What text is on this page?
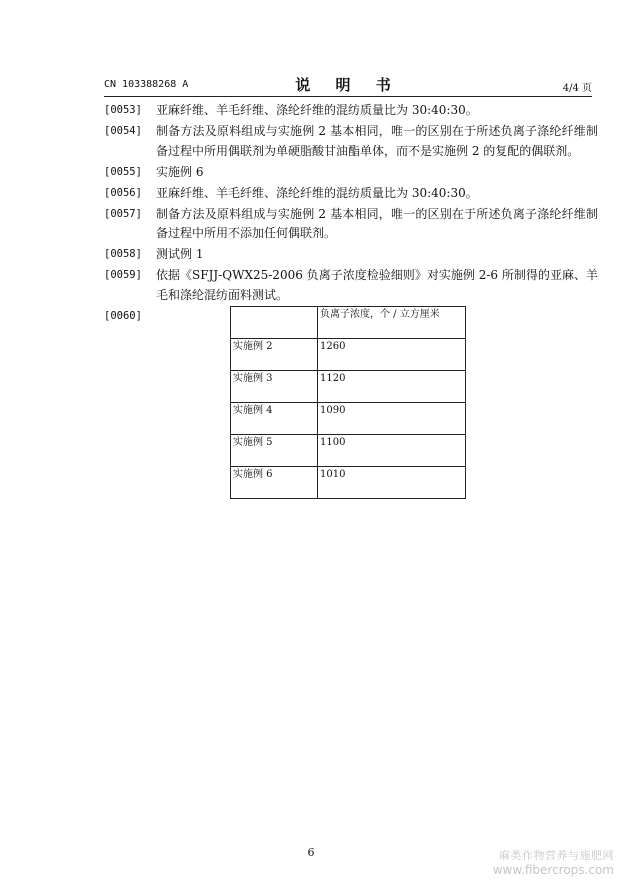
CN 103388268 A	说 明 书	4/4 页
[0053]	亚麻纤维、羊毛纤维、涤纶纤维的混纺质量比为 30:40:30。
[0054]	制备方法及原料组成与实施例 2 基本相同，唯一的区别在于所述负离子涤纶纤维制备过程中所用偶联剂为单硬脂酸甘油酯单体，而不是实施例 2 的复配的偶联剂。
[0055]	实施例 6
[0056]	亚麻纤维、羊毛纤维、涤纶纤维的混纺质量比为 30:40:30。
[0057]	制备方法及原料组成与实施例 2 基本相同，唯一的区别在于所述负离子涤纶纤维制备过程中所用不添加任何偶联剂。
[0058]	测试例 1
[0059]	依据《SFJJ-QWX25-2006 负离子浓度检验细则》对实施例 2-6 所制得的亚麻、羊毛和涤纶混纺面料测试。
[0060]
		负离子浓度，个 / 立方厘米
实施例 2	1260
实施例 3	1120
实施例 4	1090
实施例 5	1100
实施例 6	1010
6	麻类作物营养与施肥网
www.fibercrops.com
